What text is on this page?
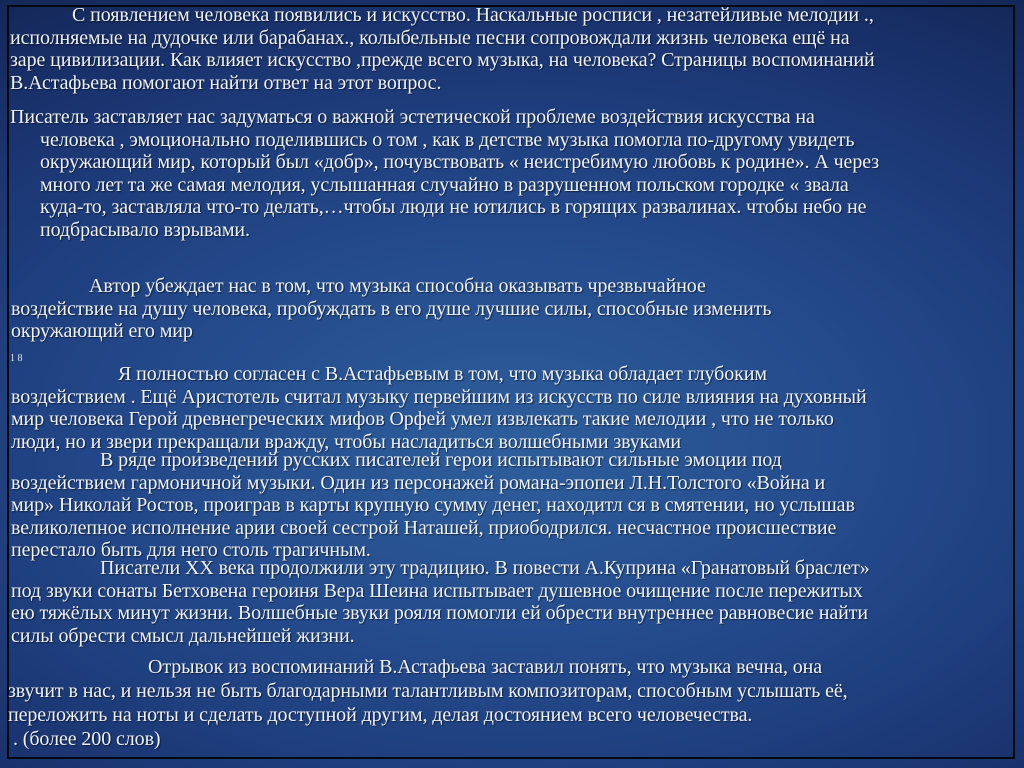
С появлением человека появились и искусство. Наскальные росписи , незатейливые мелодии .,
исполняемые на дудочке или барабанах., колыбельные песни сопровождали жизнь человека ещё на
заре цивилизации. Как влияет искусство ,прежде всего музыка, на человека? Страницы воспоминаний
В.Астафьева помогают найти ответ на этот вопрос.
Писатель заставляет нас задуматься о важной эстетической проблеме воздействия искусства на
человека , эмоционально поделившись о том , как в детстве музыка помогла по-другому увидеть
окружающий мир, который был «добр», почувствовать « неистребимую любовь к родине». А через
много лет та же самая мелодия, услышанная случайно в разрушенном польском городке « звала
куда-то, заставляла что-то делать,…чтобы люди не ютились в горящих развалинах. чтобы небо не
подбрасывало взрывами.
Автор убеждает нас в том, что музыка способна оказывать чрезвычайное
воздействие на душу человека, пробуждать в его душе лучшие силы, способные изменить
окружающий его мир
1 8
Я полностью согласен с В.Астафьевым в том, что музыка обладает глубоким
воздействием . Ещё Аристотель считал музыку первейшим из искусств по силе влияния на духовный
мир человека Герой древнегреческих мифов Орфей умел извлекать такие мелодии , что не только
люди, но и звери прекращали вражду, чтобы насладиться волшебными звуками
В ряде произведений русских писателей герои испытывают сильные эмоции под
воздействием гармоничной музыки. Один из персонажей романа-эпопеи Л.Н.Толстого «Война и
мир» Николай Ростов, проиграв в карты крупную сумму денег, находитл ся в смятении, но услышав
великолепное исполнение арии своей сестрой Наташей, приободрился. несчастное происшествие
перестало быть для него столь трагичным.
Писатели XX века продолжили эту традицию. В повести А.Куприна «Гранатовый браслет»
под звуки сонаты Бетховена героиня Вера Шеина испытывает душевное очищение после пережитых
ею тяжёлых минут жизни. Волшебные звуки рояля помогли ей обрести внутреннее равновесие найти
силы обрести смысл дальнейшей жизни.
Отрывок из воспоминаний В.Астафьева заставил понять, что музыка вечна, она
звучит в нас, и нельзя не быть благодарными талантливым композиторам, способным услышать её,
переложить на ноты и сделать доступной другим, делая достоянием всего человечества.
. (более 200 слов)
